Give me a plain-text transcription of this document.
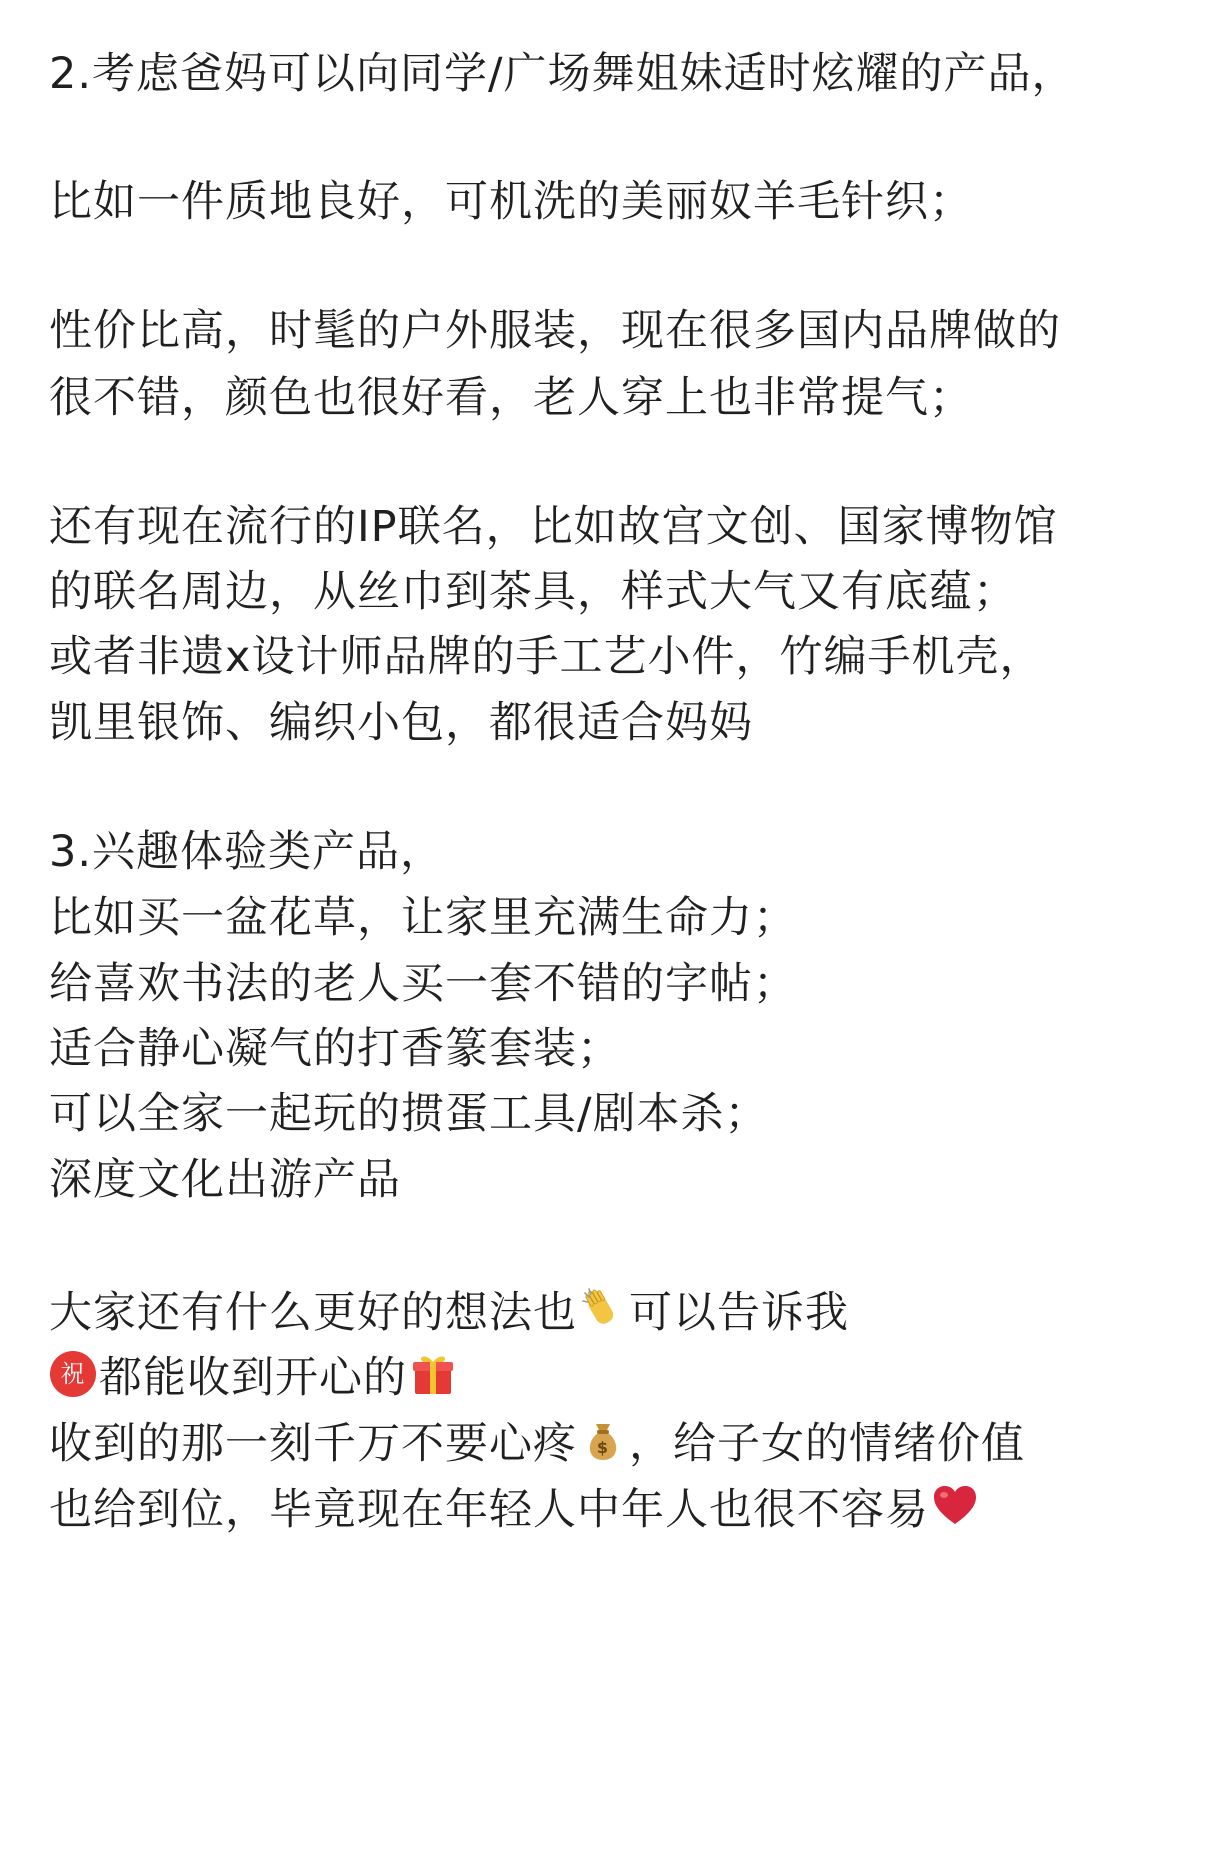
2.考虑爸妈可以向同学/广场舞姐妹适时炫耀的产品，
比如一件质地良好，可机洗的美丽奴羊毛针织；
性价比高，时髦的户外服装，现在很多国内品牌做的
很不错，颜色也很好看，老人穿上也非常提气；
还有现在流行的IP联名，比如故宫文创、国家博物馆
的联名周边，从丝巾到茶具，样式大气又有底蕴；
或者非遗x设计师品牌的手工艺小件，竹编手机壳，
凯里银饰、编织小包，都很适合妈妈
3.兴趣体验类产品，
比如买一盆花草，让家里充满生命力；
给喜欢书法的老人买一套不错的字帖；
适合静心凝气的打香篆套装；
可以全家一起玩的掼蛋工具/剧本杀；
深度文化出游产品
大家还有什么更好的想法也 可以告诉我
祝 都能收到开心的
收到的那一刻千万不要心疼 $ ，给子女的情绪价值
也给到位，毕竟现在年轻人中年人也很不容易
